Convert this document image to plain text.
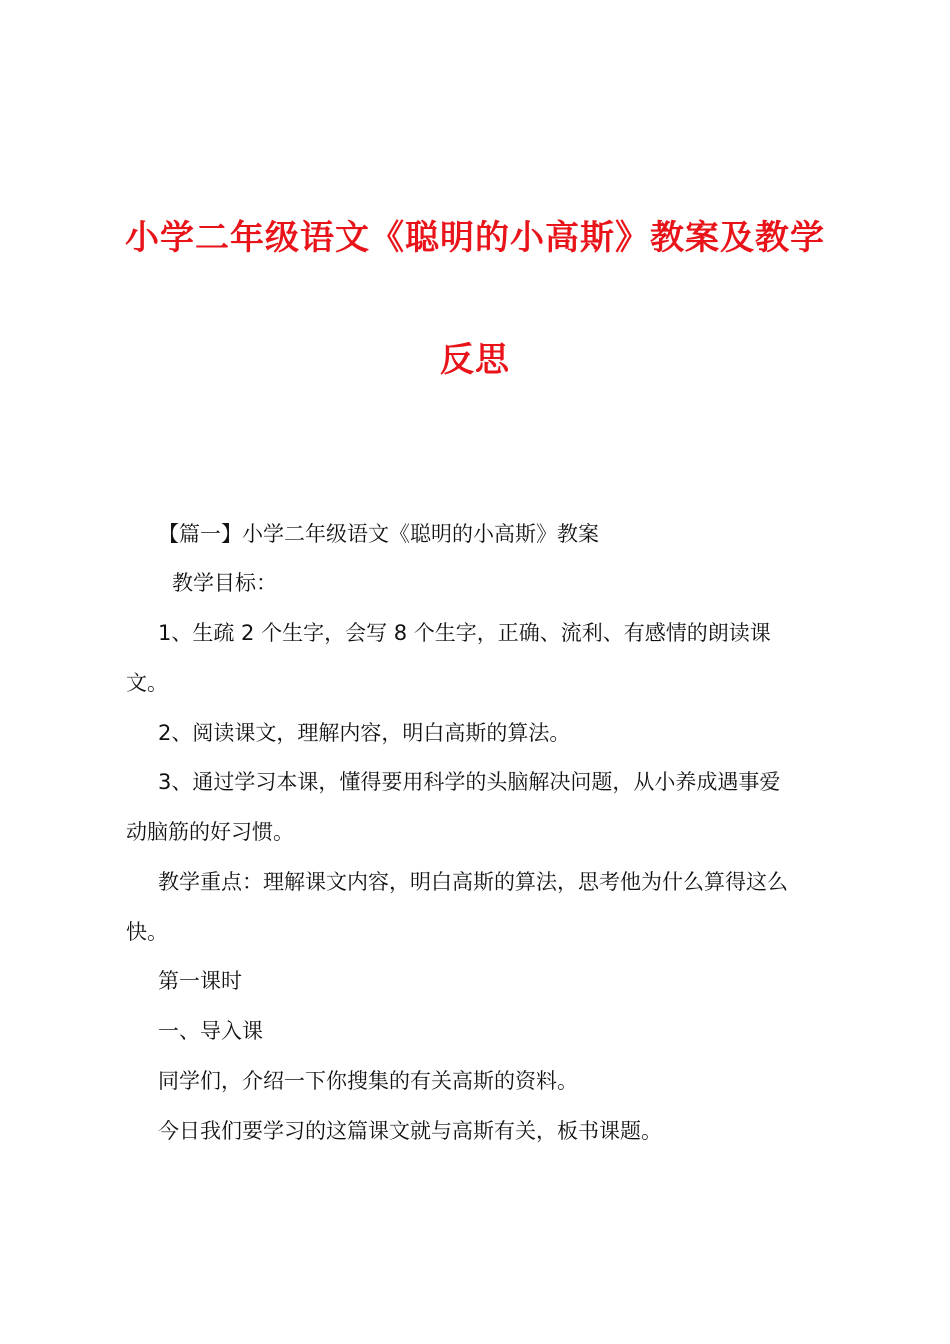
小学二年级语文《聪明的小高斯》教案及教学
反思
【篇一】小学二年级语文《聪明的小高斯》教案
教学目标：
1、生疏 2 个生字，会写 8 个生字，正确、流利、有感情的朗读课
文。
2、阅读课文，理解内容，明白高斯的算法。
3、通过学习本课，懂得要用科学的头脑解决问题，从小养成遇事爱
动脑筋的好习惯。
教学重点：理解课文内容，明白高斯的算法，思考他为什么算得这么
快。
第一课时
一、导入课
同学们，介绍一下你搜集的有关高斯的资料。
今日我们要学习的这篇课文就与高斯有关，板书课题。
